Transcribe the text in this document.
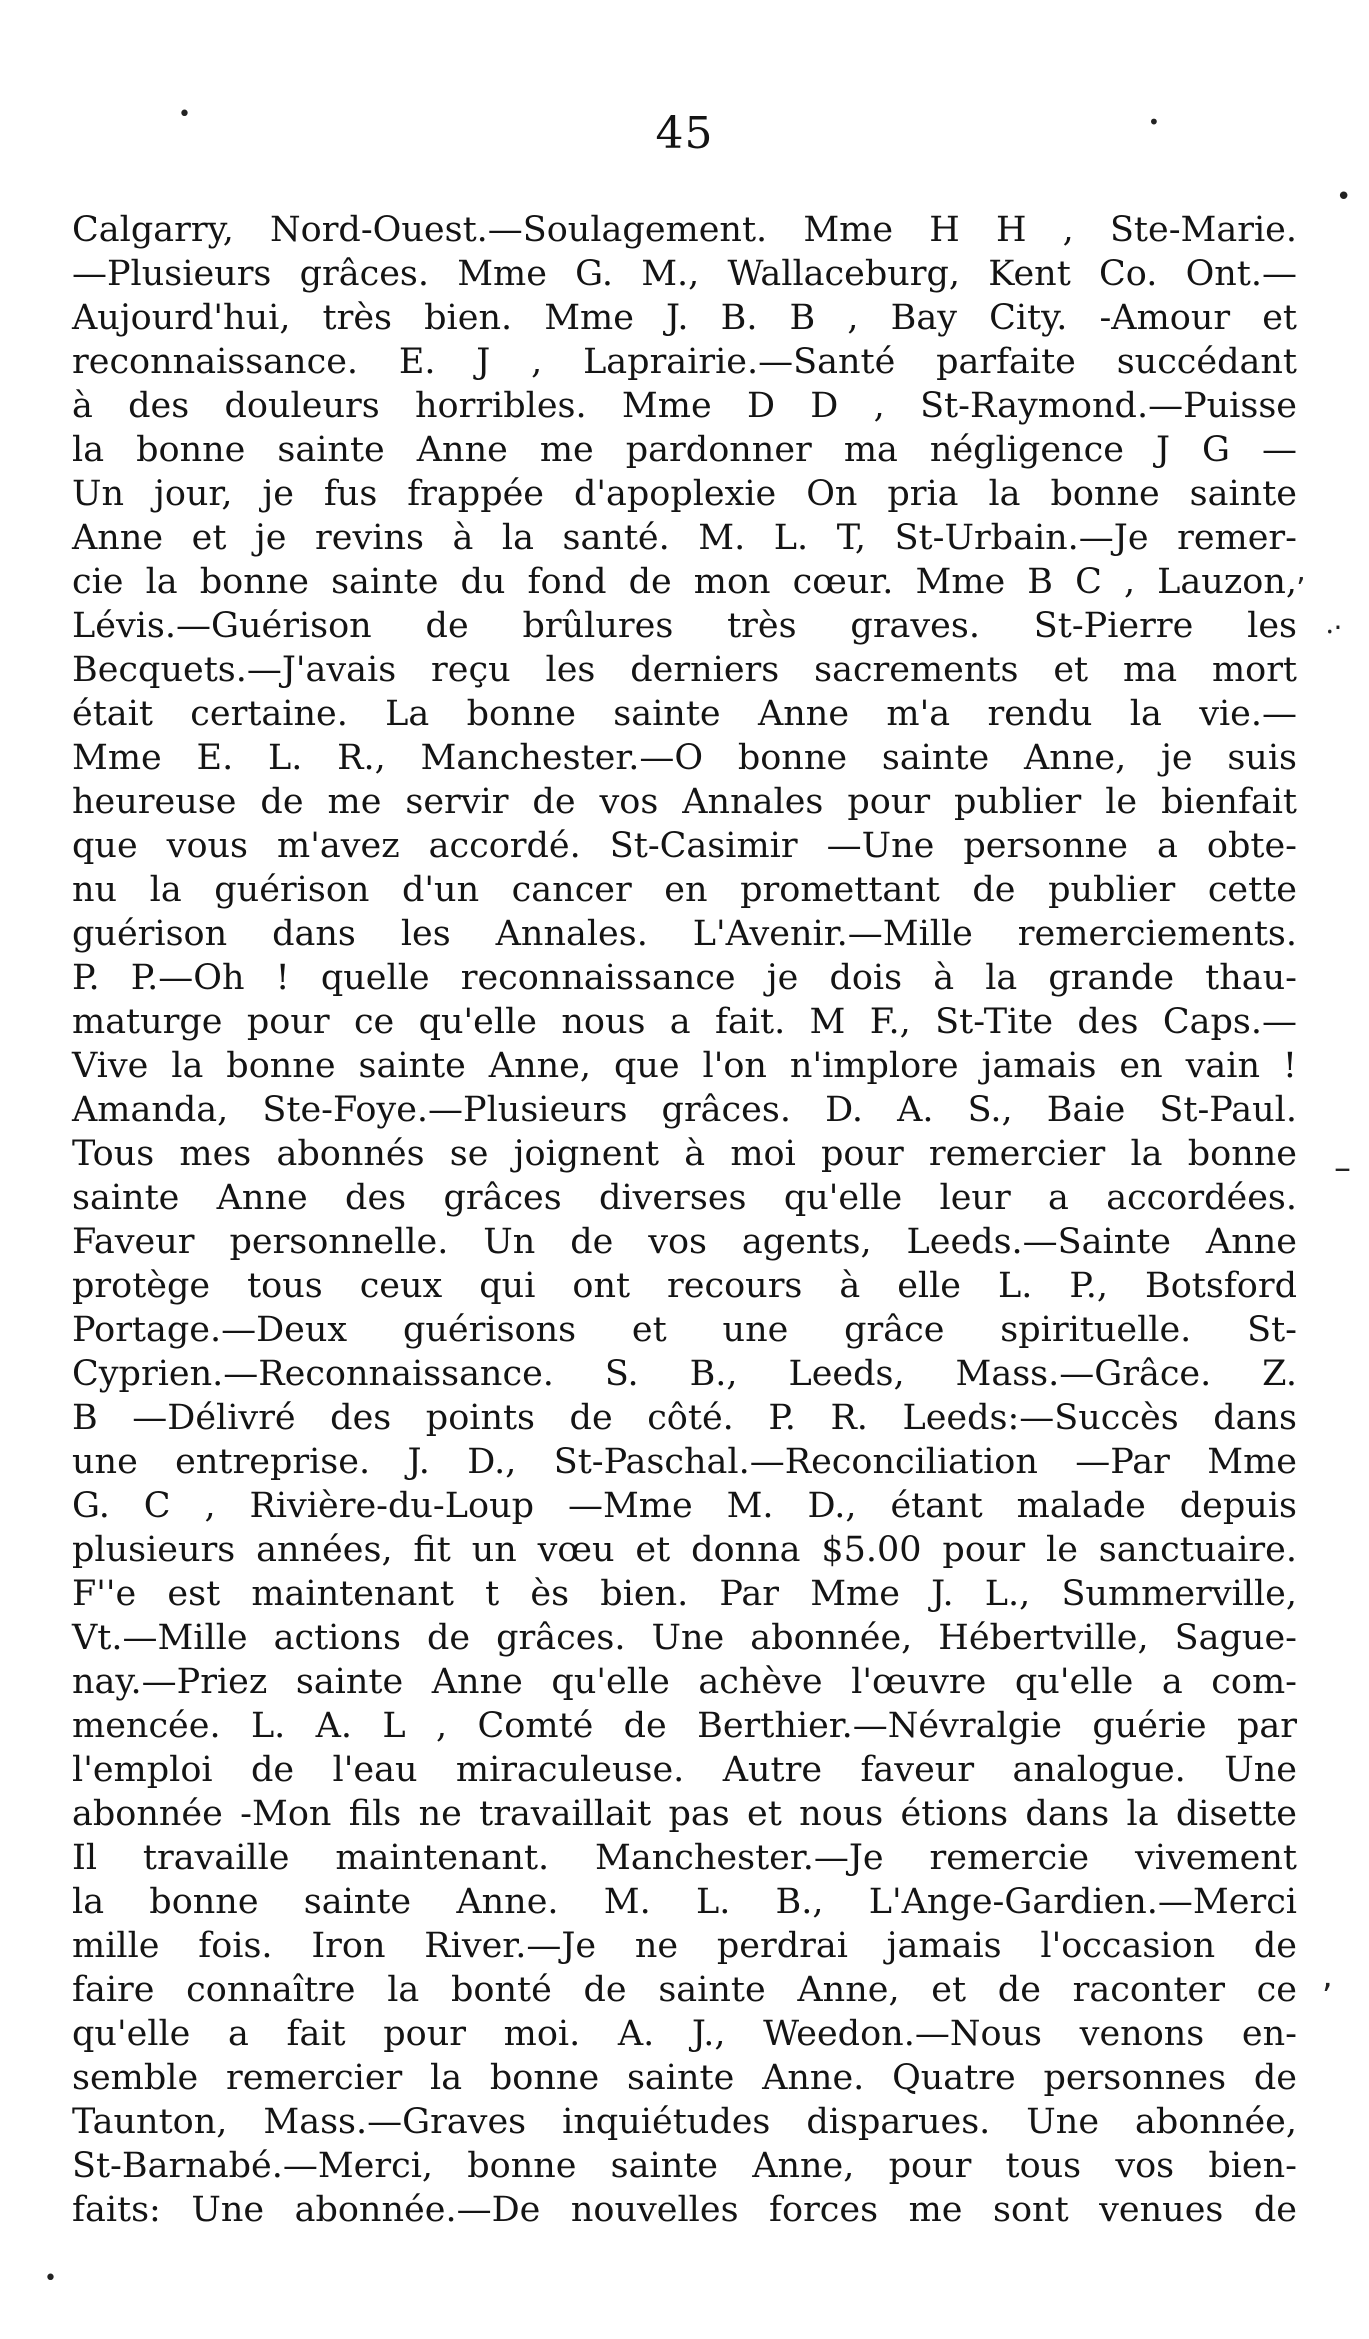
•	•
•
ʼ
⸳·
–
,
•
45
Calgarry, Nord-Ouest.—Soulagement. Mme H H , Ste-Marie.
—Plusieurs grâces. Mme G. M., Wallaceburg, Kent Co. Ont.—
Aujourd'hui, très bien. Mme J. B. B , Bay City. -Amour et
reconnaissance. E. J , Laprairie.—Santé parfaite succédant
à des douleurs horribles. Mme D D , St-Raymond.—Puisse
la bonne sainte Anne me pardonner ma négligence J G —
Un jour, je fus frappée d'apoplexie On pria la bonne sainte
Anne et je revins à la santé. M. L. T, St-Urbain.—Je remer-
cie la bonne sainte du fond de mon cœur. Mme B C , Lauzon,
Lévis.—Guérison de brûlures très graves. St-Pierre les
Becquets.—J'avais reçu les derniers sacrements et ma mort
était certaine. La bonne sainte Anne m'a rendu la vie.—
Mme E. L. R., Manchester.—O bonne sainte Anne, je suis
heureuse de me servir de vos Annales pour publier le bienfait
que vous m'avez accordé. St-Casimir —Une personne a obte-
nu la guérison d'un cancer en promettant de publier cette
guérison dans les Annales. L'Avenir.—Mille remerciements.
P. P.—Oh ! quelle reconnaissance je dois à la grande thau-
maturge pour ce qu'elle nous a fait. M F., St-Tite des Caps.—
Vive la bonne sainte Anne, que l'on n'implore jamais en vain !
Amanda, Ste-Foye.—Plusieurs grâces. D. A. S., Baie St-Paul.
Tous mes abonnés se joignent à moi pour remercier la bonne
sainte Anne des grâces diverses qu'elle leur a accordées.
Faveur personnelle. Un de vos agents, Leeds.—Sainte Anne
protège tous ceux qui ont recours à elle L. P., Botsford
Portage.—Deux guérisons et une grâce spirituelle. St-
Cyprien.—Reconnaissance. S. B., Leeds, Mass.—Grâce. Z.
B —Délivré des points de côté. P. R. Leeds:—Succès dans
une entreprise. J. D., St-Paschal.—Reconciliation —Par Mme
G. C , Rivière-du-Loup —Mme M. D., étant malade depuis
plusieurs années, fit un vœu et donna $5.00 pour le sanctuaire.
F''e est maintenant t ès bien. Par Mme J. L., Summerville,
Vt.—Mille actions de grâces. Une abonnée, Hébertville, Sague-
nay.—Priez sainte Anne qu'elle achève l'œuvre qu'elle a com-
mencée. L. A. L , Comté de Berthier.—Névralgie guérie par
l'emploi de l'eau miraculeuse. Autre faveur analogue. Une
abonnée -Mon fils ne travaillait pas et nous étions dans la disette
Il travaille maintenant. Manchester.—Je remercie vivement
la bonne sainte Anne. M. L. B., L'Ange-Gardien.—Merci
mille fois. Iron River.—Je ne perdrai jamais l'occasion de
faire connaître la bonté de sainte Anne, et de raconter ce
qu'elle a fait pour moi. A. J., Weedon.—Nous venons en-
semble remercier la bonne sainte Anne. Quatre personnes de
Taunton, Mass.—Graves inquiétudes disparues. Une abonnée,
St-Barnabé.—Merci, bonne sainte Anne, pour tous vos bien-
faits: Une abonnée.—De nouvelles forces me sont venues de
